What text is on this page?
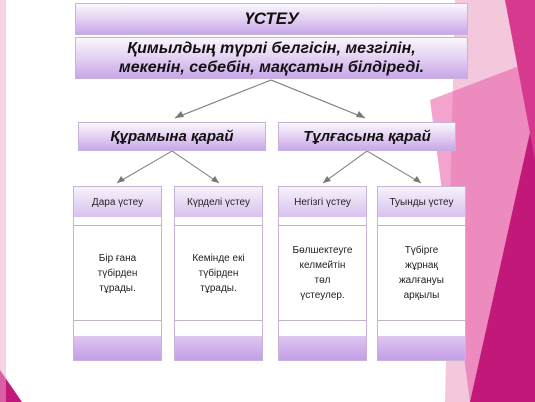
ҮСТЕУ
Қимылдың түрлі белгісін, мезгілін,
мекенін, себебін, мақсатын білдіреді.
Құрамына қарай	Тұлғасына қарай
Дара үстеу
Бір ғана
түбірден
тұрады.
Күрделі үстеу
Кемінде екі
түбірден
тұрады.
Негізгі үстеу
Бөлшектеуге
келмейтін
төл
үстеулер.
Туынды үстеу
Түбірге
жұрнақ
жалғануы
арқылы
